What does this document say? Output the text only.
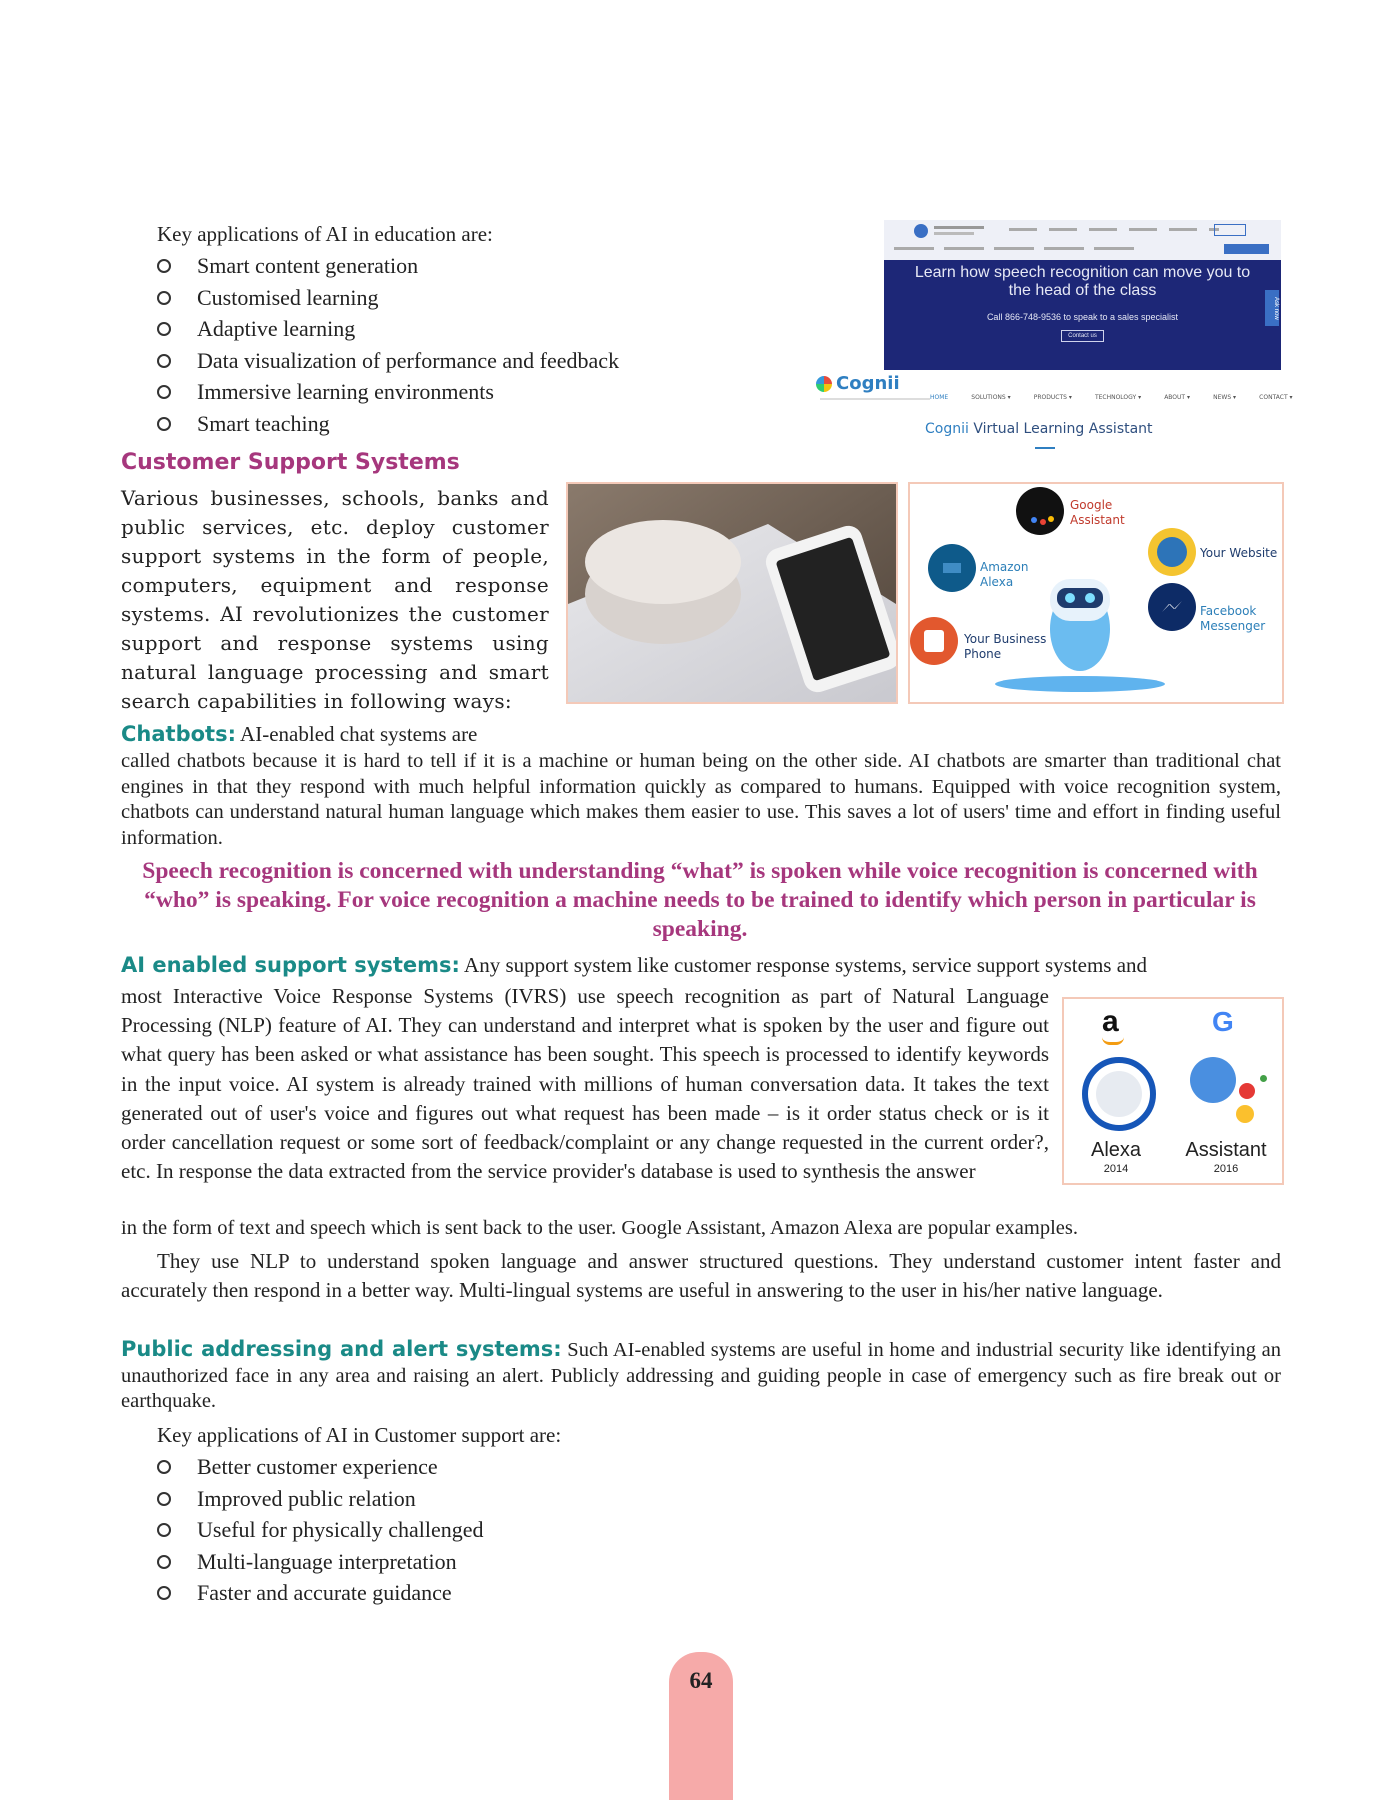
Key applications of AI in education are:
Smart content generation
Customised learning
Adaptive learning
Data visualization of performance and feedback
Immersive learning environments
Smart teaching
Learn how speech recognition can move you to the head of the class
Call 866-748-9536 to speak to a sales specialist
Contact us
Ask now
Cognii
HOME	SOLUTIONS ▾	PRODUCTS ▾	TECHNOLOGY ▾	ABOUT ▾	NEWS ▾	CONTACT ▾
Cognii Virtual Learning Assistant
Customer Support Systems
Various businesses, schools, banks and public services, etc. deploy customer support systems in the form of people, computers, equipment and response systems. AI revolutionizes the customer support and response systems using natural language processing and smart search capabilities in following ways:
Google Assistant
Amazon Alexa
Your Website
Facebook Messenger
Your Business Phone
Chatbots: AI-enabled chat systems are
called chatbots because it is hard to tell if it is a machine or human being on the other side. AI chatbots are smarter than traditional chat engines in that they respond with much helpful information quickly as compared to humans. Equipped with voice recognition system, chatbots can understand natural human language which makes them easier to use. This saves a lot of users' time and effort in finding useful information.
Speech recognition is concerned with understanding “what” is spoken while voice recognition is concerned with “who” is speaking. For voice recognition a machine needs to be trained to identify which person in particular is speaking.
AI enabled support systems: Any support system like customer response systems, service support systems and
most Interactive Voice Response Systems (IVRS) use speech recognition as part of Natural Language Processing (NLP) feature of AI. They can understand and interpret what is spoken by the user and figure out what query has been asked or what assistance has been sought. This speech is processed to identify keywords in the input voice. AI system is already trained with millions of human conversation data. It takes the text generated out of user's voice and figures out what request has been made – is it order status check or is it order cancellation request or some sort of feedback/complaint or any change requested in the current order?, etc. In response the data extracted from the service provider's database is used to synthesis the answer
in the form of text and speech which is sent back to the user. Google Assistant, Amazon Alexa are popular examples.
They use NLP to understand spoken language and answer structured questions. They understand customer intent faster and accurately then respond in a better way. Multi-lingual systems are useful in answering to the user in his/her native language.
a	G
Alexa
2014
Assistant
2016
Public addressing and alert systems: Such AI-enabled systems are useful in home and industrial security like identifying an unauthorized face in any area and raising an alert. Publicly addressing and guiding people in case of emergency such as fire break out or earthquake.
Key applications of AI in Customer support are:
Better customer experience
Improved public relation
Useful for physically challenged
Multi-language interpretation
Faster and accurate guidance
64
